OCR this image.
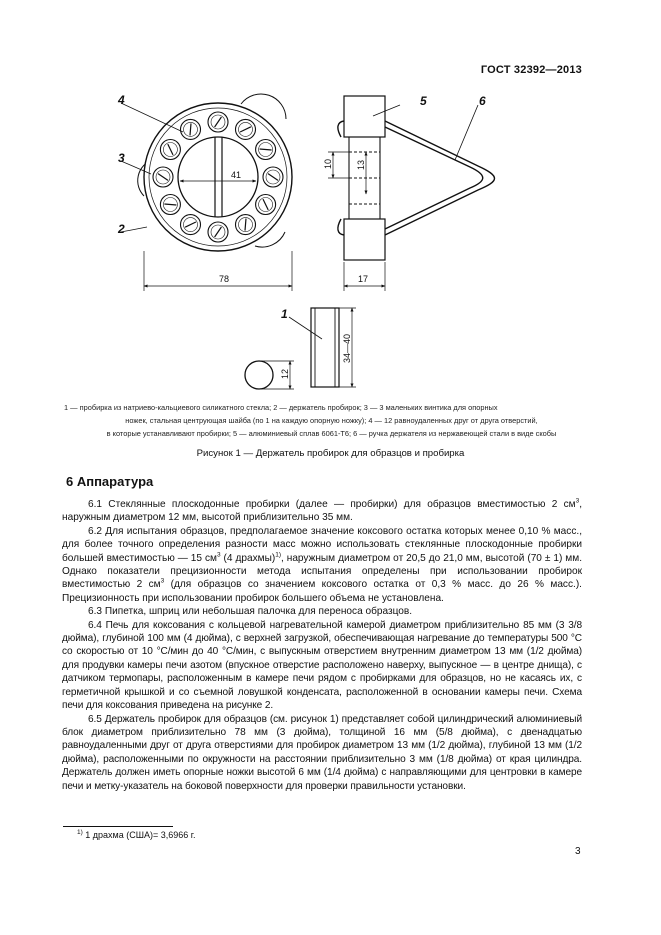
ГОСТ 32392—2013
41
78
4
3
2
10	13
17
5	6
12
34—40
1
1 — пробирка из натриево-кальциевого силикатного стекла; 2 — держатель пробирок; 3 — 3 маленьких винтика для опорных
ножек, стальная центрующая шайба (по 1 на каждую опорную ножку); 4 — 12 равноудаленных друг от друга отверстий,
в которые устанавливают пробирки; 5 — алюминиевый сплав 6061-Т6; 6 — ручка держателя из нержавеющей стали в виде скобы
Рисунок 1 — Держатель пробирок для образцов и пробирка
6 Аппаратура

6.1 Стеклянные плоскодонные пробирки (далее — пробирки) для образцов вместимостью 2 $см^3$, наружным диаметром 12 мм, высотой приблизительно 35 мм.

6.2 Для испытания образцов, предполагаемое значение коксового остатка которых менее 0,10 % масс., для более точного определения разности масс можно использовать стеклянные плоскодонные пробирки большей вместимостью — 15 $см^3$ (4 драхмы)$^{1)}$, наружным диаметром от 20,5 до 21,0 мм, высотой (70 ± 1) мм. Однако показатели прецизионности метода испытания определены при использовании пробирок вместимостью 2 $см^3$ (для образцов со значением коксового остатка от 0,3 % масс. до 26 % масс.). Прецизионность при использовании пробирок большего объема не установлена.

6.3 Пипетка, шприц или небольшая палочка для переноса образцов.

6.4 Печь для коксования с кольцевой нагревательной камерой диаметром приблизительно 85 мм (3 3/8 дюйма), глубиной 100 мм (4 дюйма), с верхней загрузкой, обеспечивающая нагревание до температуры 500 °С со скоростью от 10 °С/мин до 40 °С/мин, с выпускным отверстием внутренним диаметром 13 мм (1/2 дюйма) для продувки камеры печи азотом (впускное отверстие расположено наверху, выпускное — в центре днища), с датчиком термопары, расположенным в камере печи рядом с пробирками для образцов, но не касаясь их, с герметичной крышкой и со съемной ловушкой конденсата, расположенной в основании камеры печи. Схема печи для коксования приведена на рисунке 2.

6.5 Держатель пробирок для образцов (см. рисунок 1) представляет собой цилиндрический алюминиевый блок диаметром приблизительно 78 мм (3 дюйма), толщиной 16 мм (5/8 дюйма), с двенадцатью равноудаленными друг от друга отверстиями для пробирок диаметром 13 мм (1/2 дюйма), глубиной 13 мм (1/2 дюйма), расположенными по окружности на расстоянии приблизительно 3 мм (1/8 дюйма) от края цилиндра. Держатель должен иметь опорные ножки высотой 6 мм (1/4 дюйма) с направляющими для центровки в камере печи и метку-указатель на боковой поверхности для проверки правильности установки.

$^{1)}$ 1 драхма (США)= 3,6966 г.
3
